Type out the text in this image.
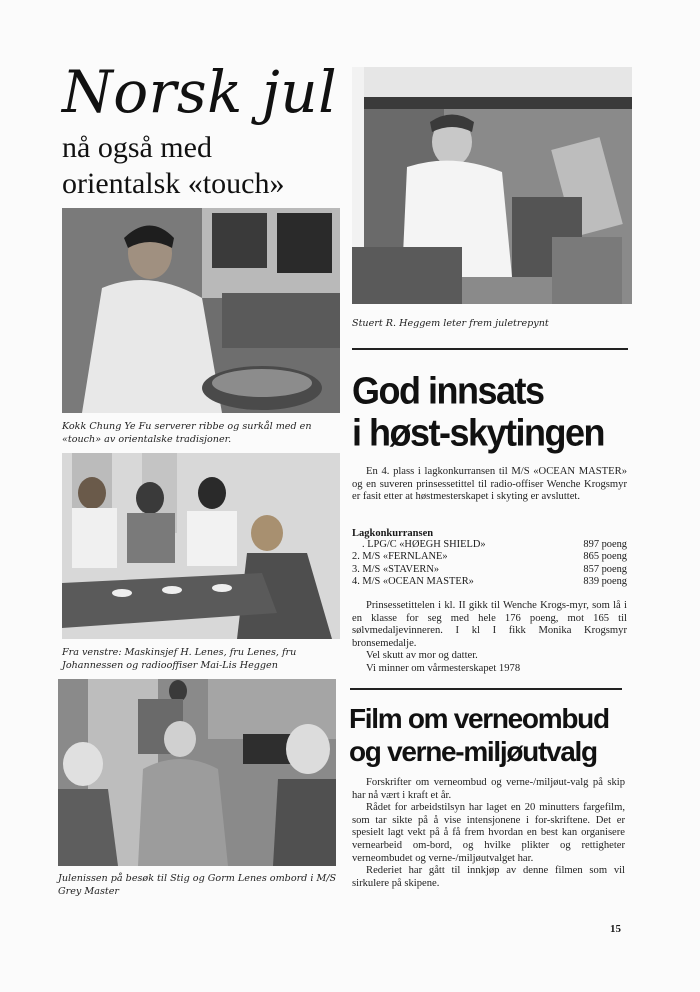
Norsk jul
nå også med
orientalsk «touch»
Kokk Chung Ye Fu serverer ribbe og surkål med en «touch» av orientalske tradisjoner.
Fra venstre: Maskinsjef H. Lenes, fru Lenes, fru Johannessen og radiooffiser Mai-Lis Heggen
Julenissen på besøk til Stig og Gorm Lenes ombord i M/S Grey Master
Stuert R. Heggem leter frem juletrepynt
God innsats
i høst-skytingen

En 4. plass i lagkonkurransen til M/S «OCEAN MASTER» og en suveren prinsessetittel til radio-offiser Wenche Krogsmyr er fasit etter at høstmesterskapet i skyting er avsluttet.

Lagkonkurransen
. LPG/C «HØEGH SHIELD»	897 poeng
2. M/S «FERNLANE»	865 poeng
3. M/S «STAVERN»	857 poeng
4. M/S «OCEAN MASTER»	839 poeng

Prinsessetittelen i kl. II gikk til Wenche Krogs-myr, som lå i en klasse for seg med hele 176 poeng, mot 165 til sølvmedaljevinneren. I kl I fikk Monika Krogsmyr bronsemedalje.

Vel skutt av mor og datter.

Vi minner om vårmesterskapet 1978

Film om verneombud
og verne-miljøutvalg

Forskrifter om verneombud og verne-/miljøut-valg på skip har nå vært i kraft et år.

Rådet for arbeidstilsyn har laget en 20 minutters fargefilm, som tar sikte på å vise intensjonene i for-skriftene. Det er spesielt lagt vekt på å få frem hvordan en best kan organisere vernearbeid om-bord, og hvilke plikter og rettigheter verneombudet og verne-/miljøutvalget har.

Rederiet har gått til innkjøp av denne filmen som vil sirkulere på skipene.

15
